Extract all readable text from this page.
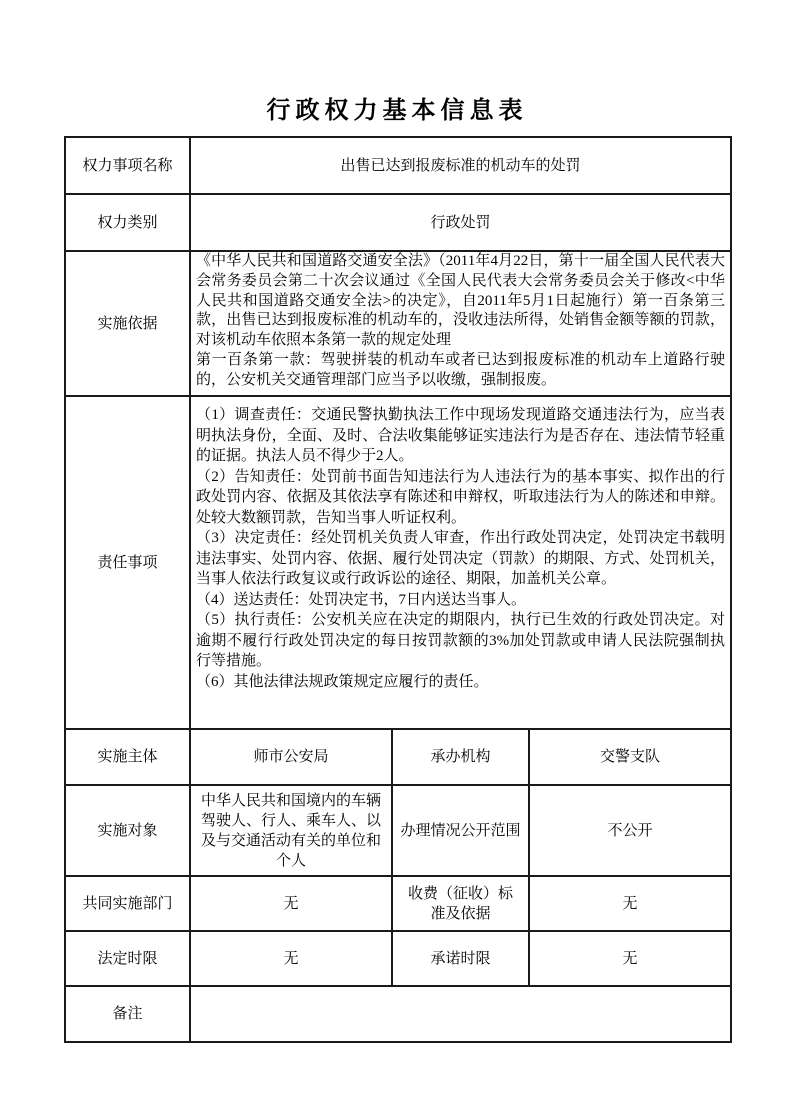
行政权力基本信息表
权力事项名称	出售已达到报废标准的机动车的处罚		
权力类别	行政处罚		
实施依据	《中华人民共和国道路交通安全法》（2011年4月22日，第十一届全国人民代表大会常务委员会第二十次会议通过《全国人民代表大会常务委员会关于修改<中华人民共和国道路交通安全法>的决定》，自2011年5月1日起施行）第一百条第三款，出售已达到报废标准的机动车的，没收违法所得，处销售金额等额的罚款，对该机动车依照本条第一款的规定处理
第一百条第一款：驾驶拼装的机动车或者已达到报废标准的机动车上道路行驶的，公安机关交通管理部门应当予以收缴，强制报废。		

责任事项	
（1）调查责任：交通民警执勤执法工作中现场发现道路交通违法行为，应当表明执法身份，全面、及时、合法收集能够证实违法行为是否存在、违法情节轻重的证据。执法人员不得少于2人。
（2）告知责任：处罚前书面告知违法行为人违法行为的基本事实、拟作出的行政处罚内容、依据及其依法享有陈述和申辩权，听取违法行为人的陈述和申辩。处较大数额罚款，告知当事人听证权利。
（3）决定责任：经处罚机关负责人审查，作出行政处罚决定，处罚决定书载明违法事实、处罚内容、依据、履行处罚决定（罚款）的期限、方式、处罚机关，当事人依法行政复议或行政诉讼的途径、期限，加盖机关公章。
（4）送达责任：处罚决定书，7日内送达当事人。
（5）执行责任：公安机关应在决定的期限内，执行已生效的行政处罚决定。对逾期不履行行政处罚决定的每日按罚款额的3%加处罚款或申请人民法院强制执行等措施。
（6）其他法律法规政策规定应履行的责任。

实施主体	师市公安局	承办机构	交警支队
实施对象	中华人民共和国境内的车辆驾驶人、行人、乘车人、以及与交通活动有关的单位和个人	办理情况公开范围	不公开
共同实施部门	无	收费（征收）标准及依据	无
法定时限	无	承诺时限	无
备注			
